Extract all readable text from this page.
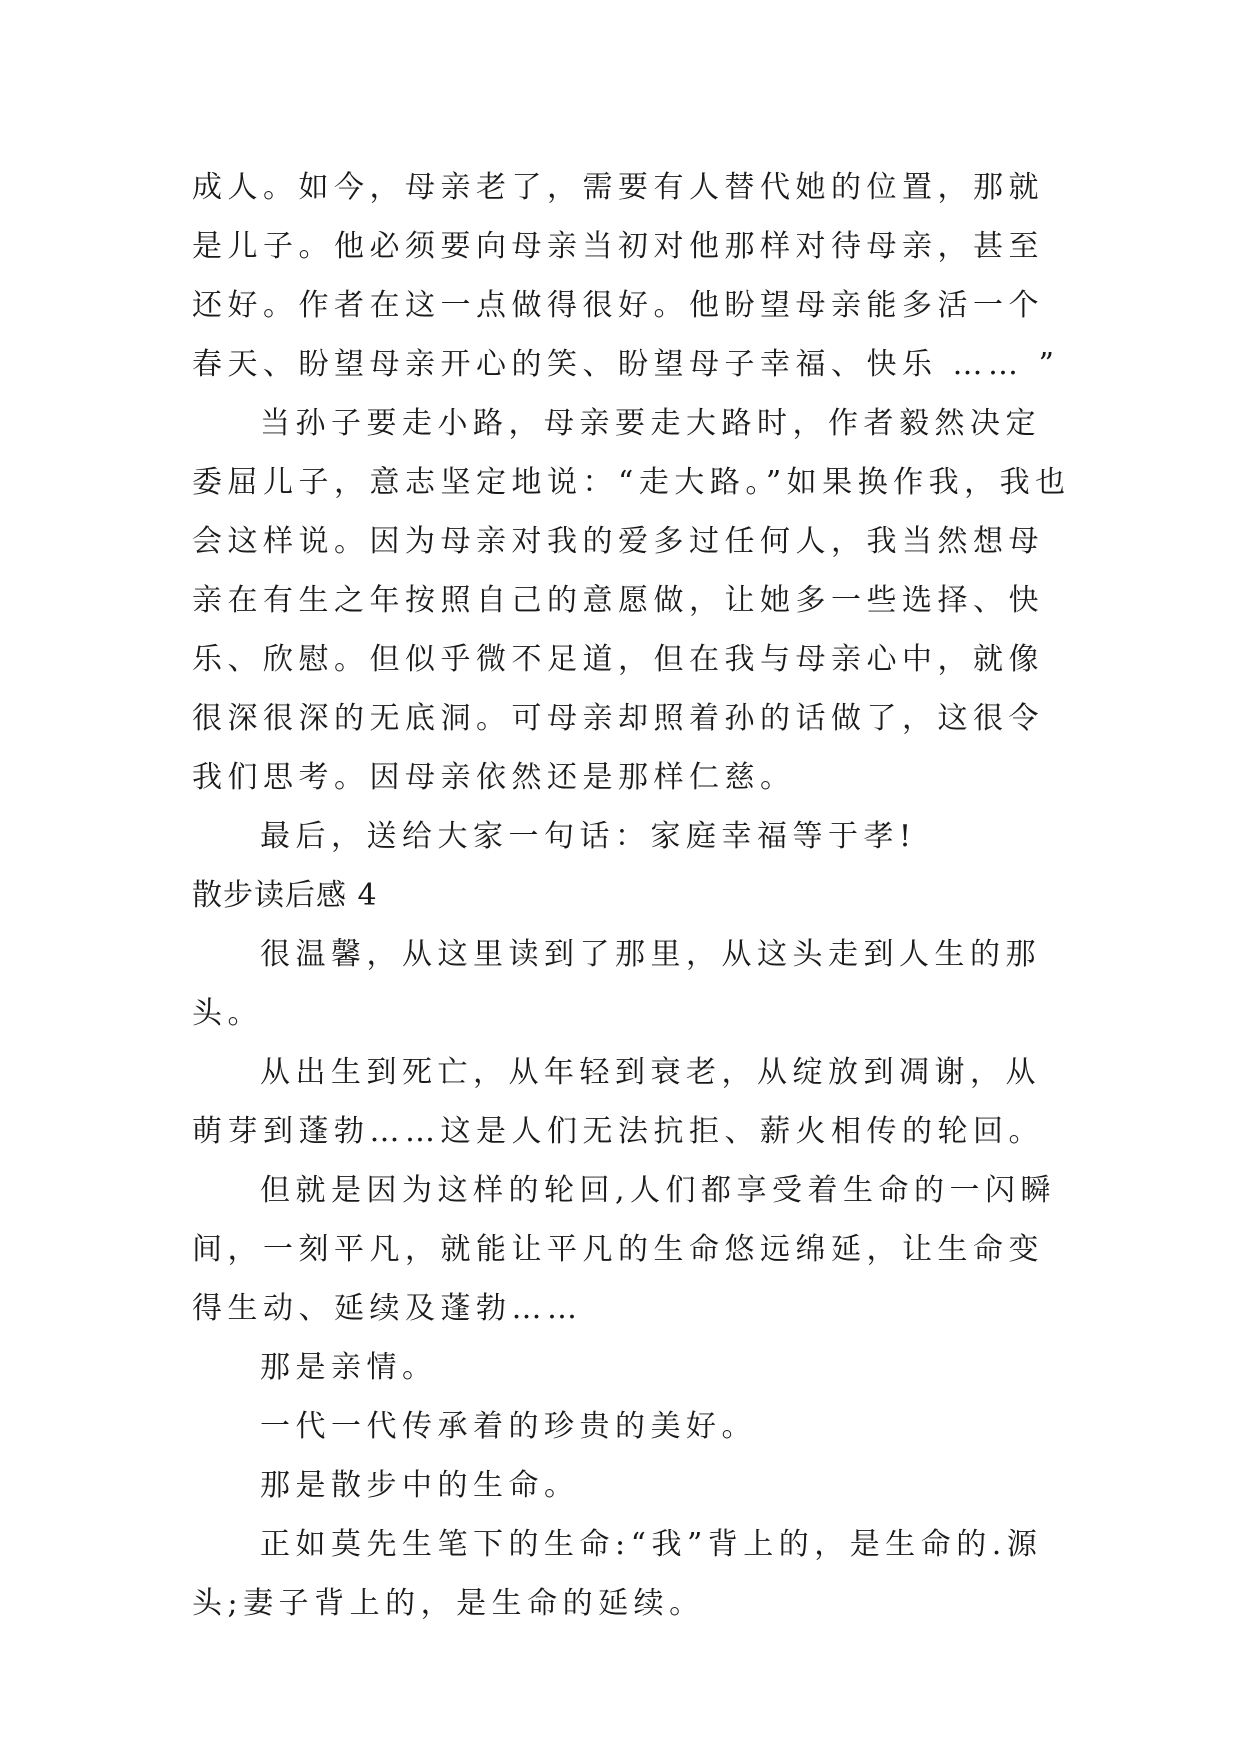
成人。如今，母亲老了，需要有人替代她的位置，那就是儿子。他必须要向母亲当初对他那样对待母亲，甚至还好。作者在这一点做得很好。他盼望母亲能多活一个春天、盼望母亲开心的笑、盼望母子幸福、快乐 …… ”

当孙子要走小路，母亲要走大路时，作者毅然决定委屈儿子，意志坚定地说：“走大路。”如果换作我，我也会这样说。因为母亲对我的爱多过任何人，我当然想母亲在有生之年按照自己的意愿做，让她多一些选择、快乐、欣慰。但似乎微不足道，但在我与母亲心中，就像很深很深的无底洞。可母亲却照着孙的话做了，这很令我们思考。因母亲依然还是那样仁慈。

最后，送给大家一句话：家庭幸福等于孝!

散步读后感 4

很温馨，从这里读到了那里，从这头走到人生的那头。

从出生到死亡，从年轻到衰老，从绽放到凋谢，从萌芽到蓬勃……这是人们无法抗拒、薪火相传的轮回。

但就是因为这样的轮回,人们都享受着生命的一闪瞬间，一刻平凡，就能让平凡的生命悠远绵延，让生命变得生动、延续及蓬勃……

那是亲情。

一代一代传承着的珍贵的美好。

那是散步中的生命。

正如莫先生笔下的生命:“我”背上的，是生命的.源头;妻子背上的，是生命的延续。
